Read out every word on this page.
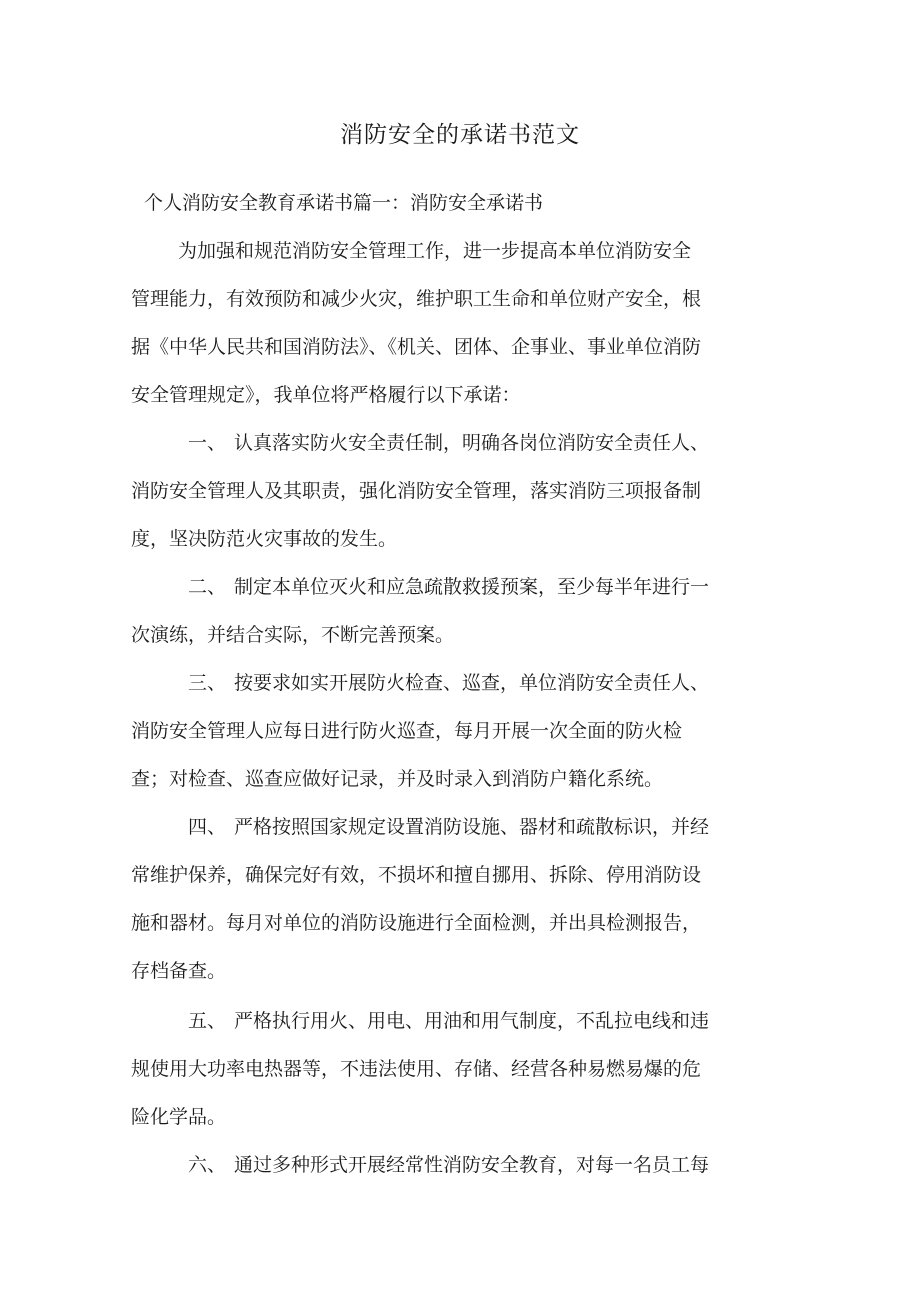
消防安全的承诺书范文
个人消防安全教育承诺书篇一：消防安全承诺书
为加强和规范消防安全管理工作，进一步提高本单位消防安全
管理能力，有效预防和减少火灾，维护职工生命和单位财产安全，根
据《中华人民共和国消防法》、《机关、团体、企事业、事业单位消防
安全管理规定》，我单位将严格履行以下承诺：
一、 认真落实防火安全责任制，明确各岗位消防安全责任人、
消防安全管理人及其职责，强化消防安全管理，落实消防三项报备制
度，坚决防范火灾事故的发生。
二、 制定本单位灭火和应急疏散救援预案，至少每半年进行一
次演练，并结合实际，不断完善预案。
三、 按要求如实开展防火检查、巡查，单位消防安全责任人、
消防安全管理人应每日进行防火巡查，每月开展一次全面的防火检
查；对检查、巡查应做好记录，并及时录入到消防户籍化系统。
四、 严格按照国家规定设置消防设施、器材和疏散标识，并经
常维护保养，确保完好有效，不损坏和擅自挪用、拆除、停用消防设
施和器材。每月对单位的消防设施进行全面检测，并出具检测报告，
存档备查。
五、 严格执行用火、用电、用油和用气制度，不乱拉电线和违
规使用大功率电热器等，不违法使用、存储、经营各种易燃易爆的危
险化学品。
六、 通过多种形式开展经常性消防安全教育，对每一名员工每
